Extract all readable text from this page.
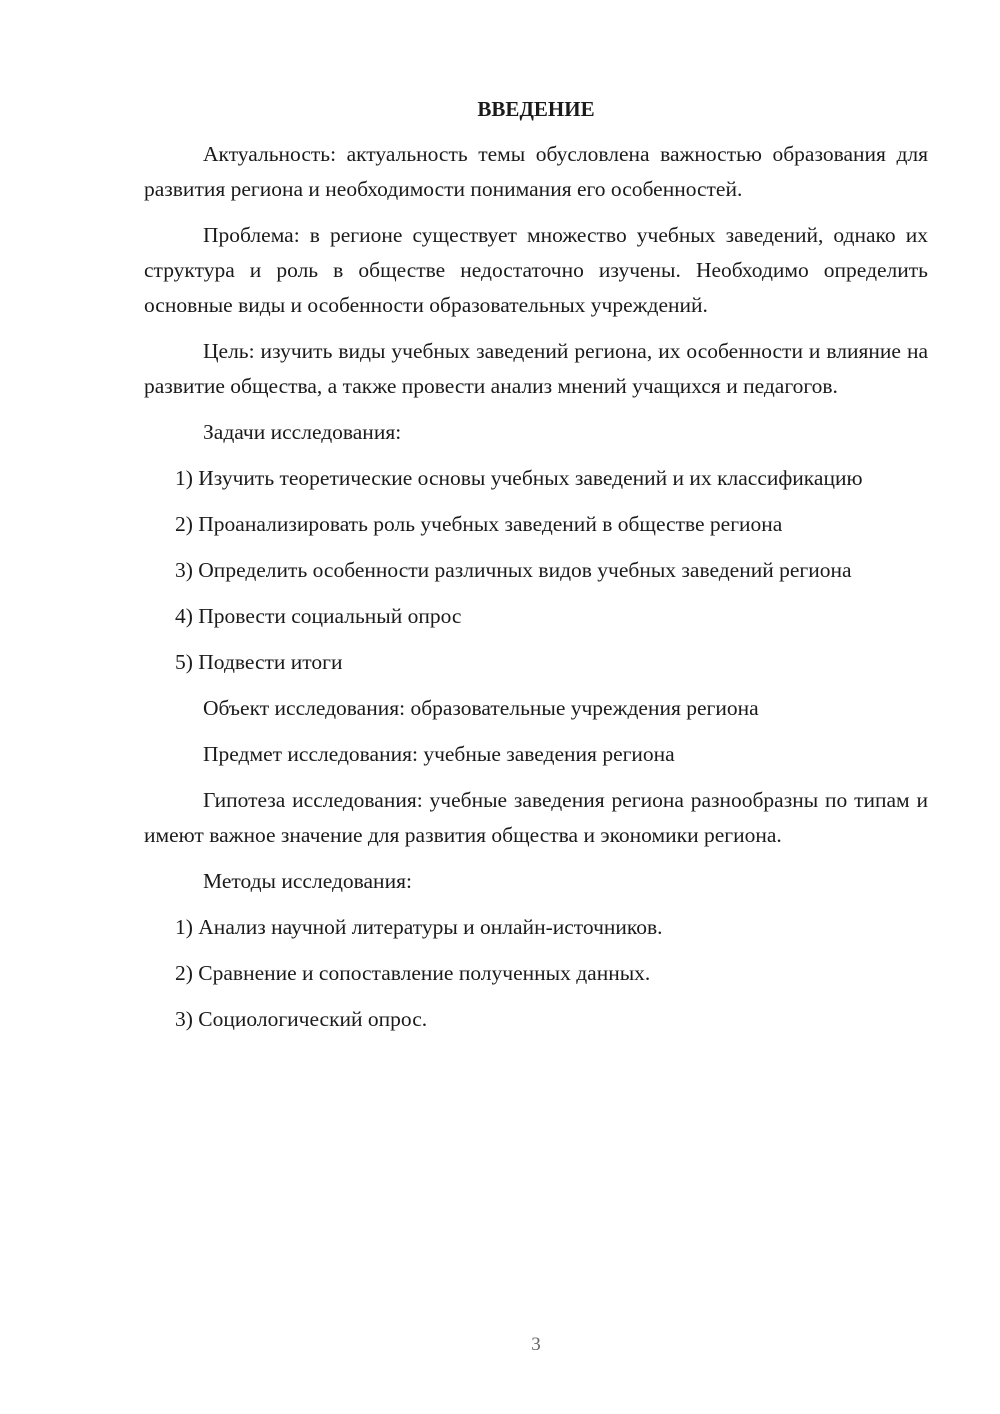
ВВЕДЕНИЕ

Актуальность: актуальность темы обусловлена важностью образования для развития региона и необходимости понимания его особенностей.

Проблема: в регионе существует множество учебных заведений, однако их структура и роль в обществе недостаточно изучены. Необходимо определить основные виды и особенности образовательных учреждений.

Цель: изучить виды учебных заведений региона, их особенности и влияние на развитие общества, а также провести анализ мнений учащихся и педагогов.

Задачи исследования:

1) Изучить теоретические основы учебных заведений и их классификацию

2) Проанализировать роль учебных заведений в обществе региона

3) Определить особенности различных видов учебных заведений региона

4) Провести социальный опрос

5) Подвести итоги

Объект исследования: образовательные учреждения региона

Предмет исследования: учебные заведения региона

Гипотеза исследования: учебные заведения региона разнообразны по типам и имеют важное значение для развития общества и экономики региона.

Методы исследования:

1) Анализ научной литературы и онлайн-источников.

2) Сравнение и сопоставление полученных данных.

3) Социологический опрос.

3
